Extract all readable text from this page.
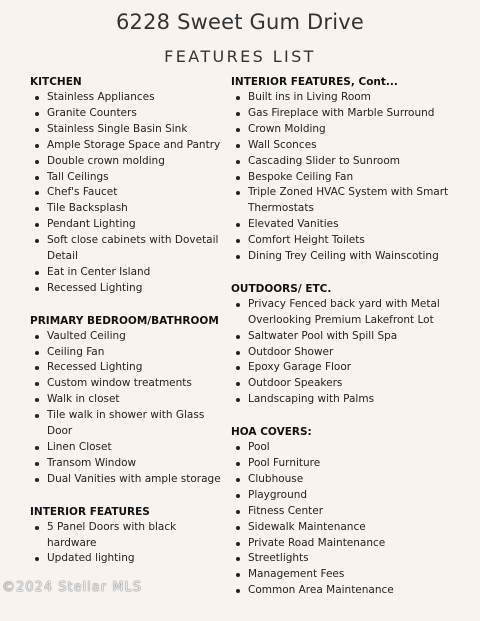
6228 Sweet Gum Drive
FEATURES LIST
KITCHEN
Stainless Appliances
Granite Counters
Stainless Single Basin Sink
Ample Storage Space and Pantry
Double crown molding
Tall Ceilings
Chef's Faucet
Tile Backsplash
Pendant Lighting
Soft close cabinets with Dovetail Detail
Eat in Center Island
Recessed Lighting
PRIMARY BEDROOM/BATHROOM
Vaulted Ceiling
Ceiling Fan
Recessed Lighting
Custom window treatments
Walk in closet
Tile walk in shower with Glass Door
Linen Closet
Transom Window
Dual Vanities with ample storage
INTERIOR FEATURES
5 Panel Doors with black hardware
Updated lighting
INTERIOR FEATURES, Cont...
Built ins in Living Room
Gas Fireplace with Marble Surround
Crown Molding
Wall Sconces
Cascading Slider to Sunroom
Bespoke Ceiling Fan
Triple Zoned HVAC System with Smart Thermostats
Elevated Vanities
Comfort Height Toilets
Dining Trey Ceiling with Wainscoting
OUTDOORS/ ETC.
Privacy Fenced back yard with Metal Overlooking Premium Lakefront Lot
Saltwater Pool with Spill Spa
Outdoor Shower
Epoxy Garage Floor
Outdoor Speakers
Landscaping with Palms
HOA COVERS:
Pool
Pool Furniture
Clubhouse
Playground
Fitness Center
Sidewalk Maintenance
Private Road Maintenance
Streetlights
Management Fees
Common Area Maintenance
©2024 Stellar MLS
